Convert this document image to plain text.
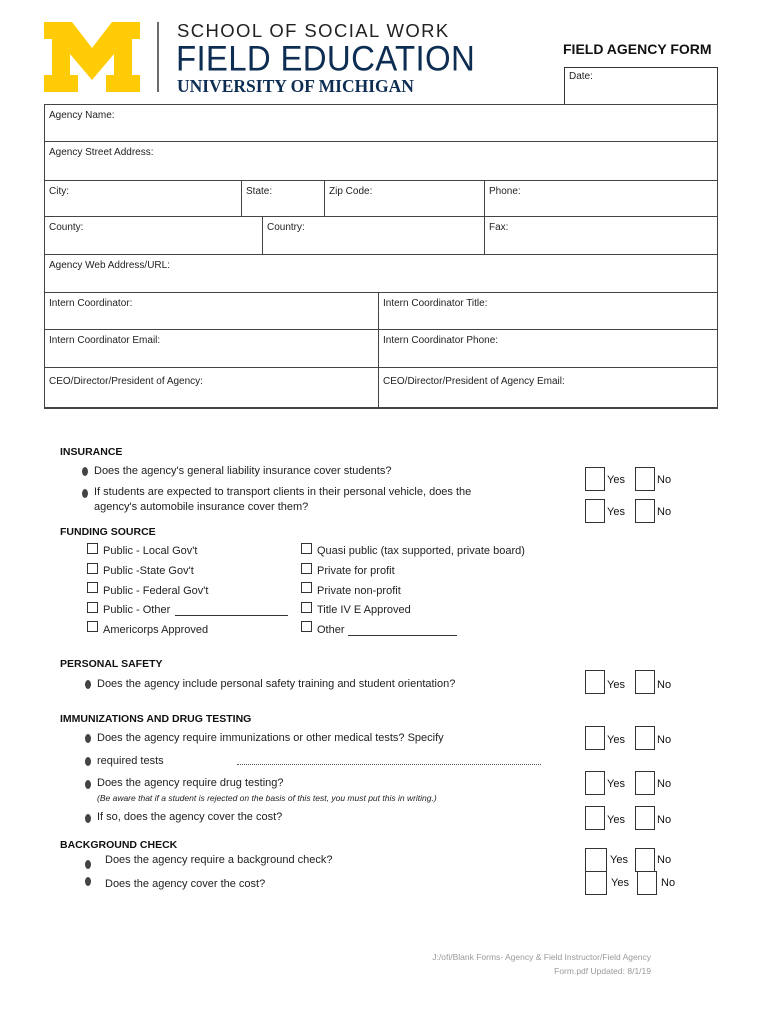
SCHOOL OF SOCIAL WORK
FIELD EDUCATION
UNIVERSITY OF MICHIGAN
FIELD AGENCY FORM
Date:
Agency Name:
Agency Street Address:
City:	State:	Zip Code:	Phone:
County:	Country:	Fax:
Agency Web Address/URL:
Intern Coordinator:	Intern Coordinator Title:
Intern Coordinator Email:	Intern Coordinator Phone:
CEO/Director/President of Agency:	CEO/Director/President of Agency Email:
INSURANCE
Does the agency's general liability insurance cover students?
If students are expected to transport clients in their personal vehicle, does the
agency's automobile insurance cover them?
Yes	No
Yes	No
FUNDING SOURCE
Public - Local Gov't
Public -State Gov't
Public - Federal Gov't
Public - Other
Americorps Approved
Quasi public (tax supported, private board)
Private for profit
Private non-profit
Title IV E Approved
Other
PERSONAL SAFETY
Does the agency include personal safety training and student orientation?	Yes	No
IMMUNIZATIONS AND DRUG TESTING
Does the agency require immunizations or other medical tests? Specify
required tests
Yes	No
Does the agency require drug testing?
(Be aware that if a student is rejected on the basis of this test, you must put this in writing.)
Yes	No
If so, does the agency cover the cost?	Yes	No
BACKGROUND CHECK
Does the agency require a background check?
Does the agency cover the cost?
Yes	No
Yes	No
J:/ofi/Blank Forms- Agency & Field Instructor/Field Agency
Form.pdf Updated: 8/1/19
